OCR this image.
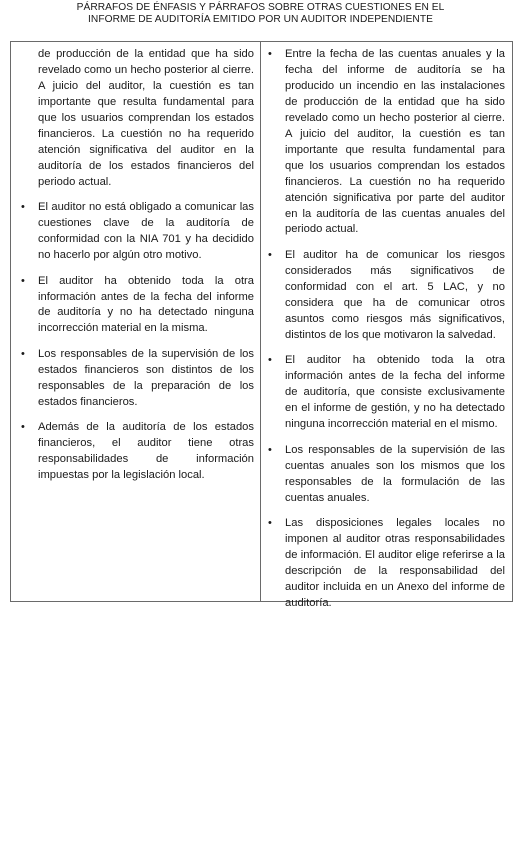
PÁRRAFOS DE ÉNFASIS Y PÁRRAFOS SOBRE OTRAS CUESTIONES EN EL
INFORME DE AUDITORÍA EMITIDO POR UN AUDITOR INDEPENDIENTE
de producción de la entidad que ha sido revelado como un hecho posterior al cierre. A juicio del auditor, la cuestión es tan importante que resulta fundamental para que los usuarios comprendan los estados financieros. La cuestión no ha requerido atención significativa del auditor en la auditoría de los estados financieros del periodo actual.
•	El auditor no está obligado a comunicar las cuestiones clave de la auditoría de conformidad con la NIA 701 y ha decidido no hacerlo por algún otro motivo.
•	El auditor ha obtenido toda la otra información antes de la fecha del informe de auditoría y no ha detectado ninguna incorrección material en la misma.
•	Los responsables de la supervisión de los estados financieros son distintos de los responsables de la preparación de los estados financieros.
•	Además de la auditoría de los estados financieros, el auditor tiene otras responsabilidades de información impuestas por la legislación local.
•	Entre la fecha de las cuentas anuales y la fecha del informe de auditoría se ha producido un incendio en las instalaciones de producción de la entidad que ha sido revelado como un hecho posterior al cierre. A juicio del auditor, la cuestión es tan importante que resulta fundamental para que los usuarios comprendan los estados financieros. La cuestión no ha requerido atención significativa por parte del auditor en la auditoría de las cuentas anuales del periodo actual.
•	El auditor ha de comunicar los riesgos considerados más significativos de conformidad con el art. 5 LAC, y no considera que ha de comunicar otros asuntos como riesgos más significativos, distintos de los que motivaron la salvedad.
•	El auditor ha obtenido toda la otra información antes de la fecha del informe de auditoría, que consiste exclusivamente en el informe de gestión, y no ha detectado ninguna incorrección material en el mismo.
•	Los responsables de la supervisión de las cuentas anuales son los mismos que los responsables de la formulación de las cuentas anuales.
•	Las disposiciones legales locales no imponen al auditor otras responsabilidades de información. El auditor elige referirse a la descripción de la responsabilidad del auditor incluida en un Anexo del informe de auditoría.
